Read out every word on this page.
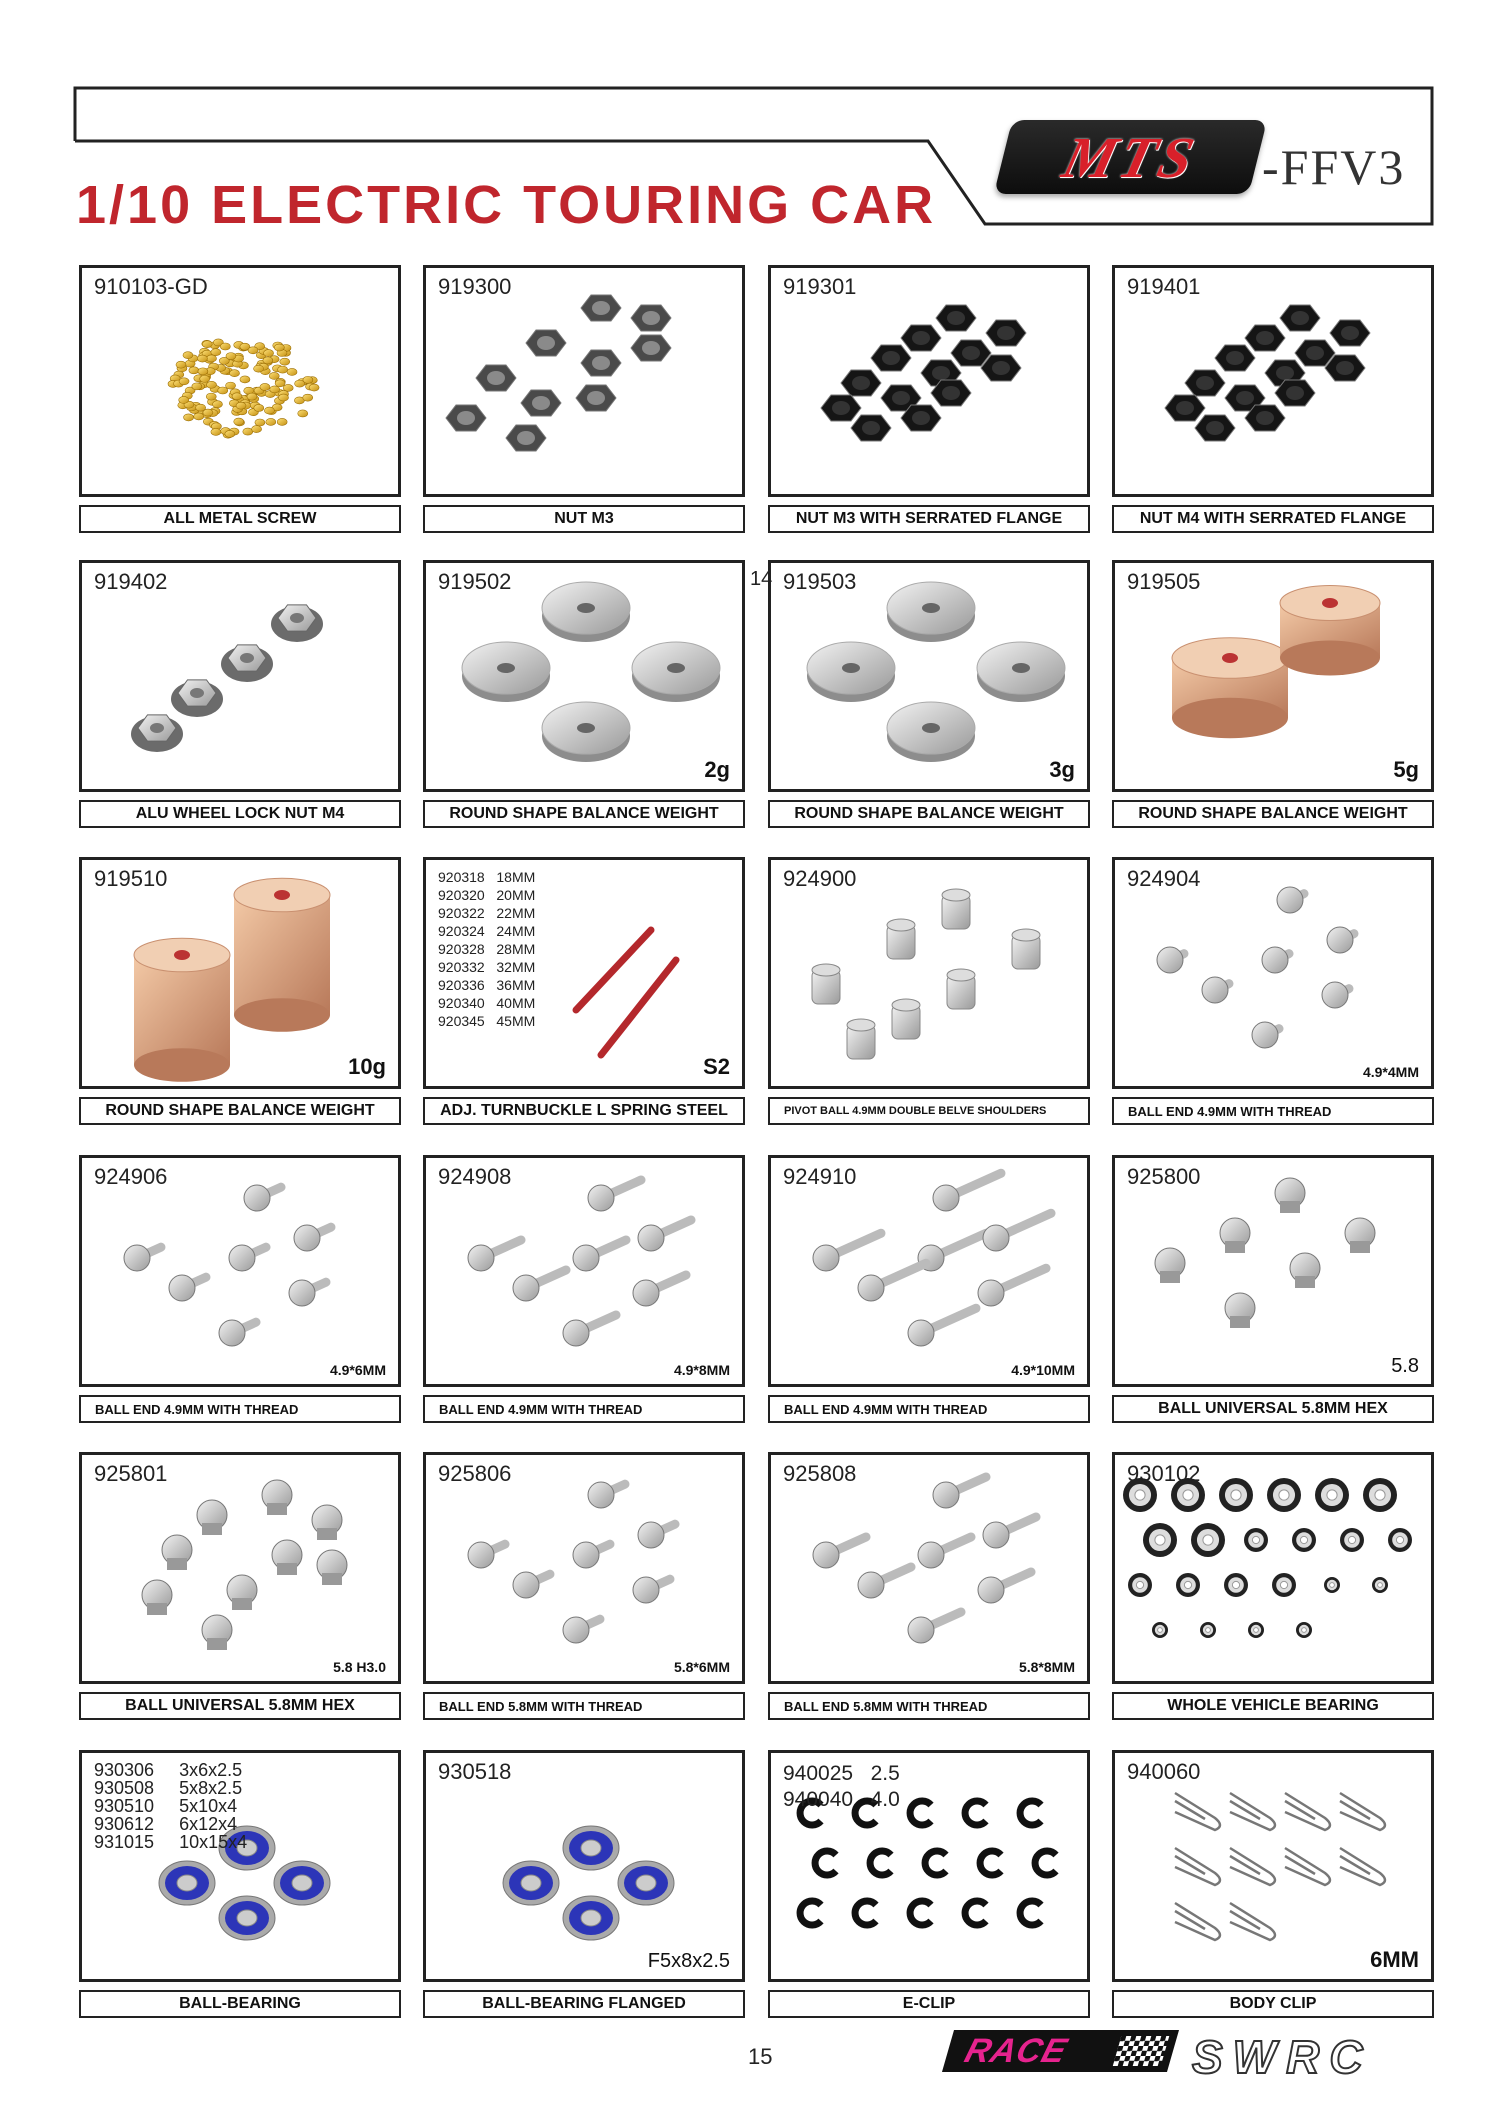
1/10 ELECTRIC TOURING CAR
MTS -FFV3
910103-GD
ALL METAL SCREW
919300
NUT M3
919301
NUT M3 WITH SERRATED FLANGE
919401
NUT M4 WITH SERRATED FLANGE
919402
ALU WHEEL LOCK NUT M4
919502
2g
ROUND SHAPE BALANCE WEIGHT
919503
3g
ROUND SHAPE BALANCE WEIGHT
919505
5g
ROUND SHAPE BALANCE WEIGHT
919510
10g
ROUND SHAPE BALANCE WEIGHT
920318   18MM
920320   20MM
920322   22MM
920324   24MM
920328   28MM
920332   32MM
920336   36MM
920340   40MM
920345   45MM
S2
ADJ. TURNBUCKLE L SPRING STEEL
924900
PIVOT BALL 4.9MM DOUBLE BELVE SHOULDERS
924904
4.9*4MM
BALL END 4.9MM WITH THREAD
924906
4.9*6MM
BALL END 4.9MM WITH THREAD
924908
4.9*8MM
BALL END 4.9MM WITH THREAD
924910
4.9*10MM
BALL END 4.9MM WITH THREAD
925800
5.8
BALL UNIVERSAL 5.8MM HEX
925801
5.8 H3.0
BALL UNIVERSAL 5.8MM HEX
925806
5.8*6MM
BALL END 5.8MM WITH THREAD
925808
5.8*8MM
BALL END 5.8MM WITH THREAD
930102
WHOLE VEHICLE BEARING
930306     3x6x2.5
930508     5x8x2.5
930510     5x10x4
930612     6x12x4
931015     10x15x4
BALL-BEARING
930518
F5x8x2.5
BALL-BEARING FLANGED
940025   2.5
940040   4.0
E-CLIP
940060
6MM
BODY CLIP
14
15	RACE	SWRC
